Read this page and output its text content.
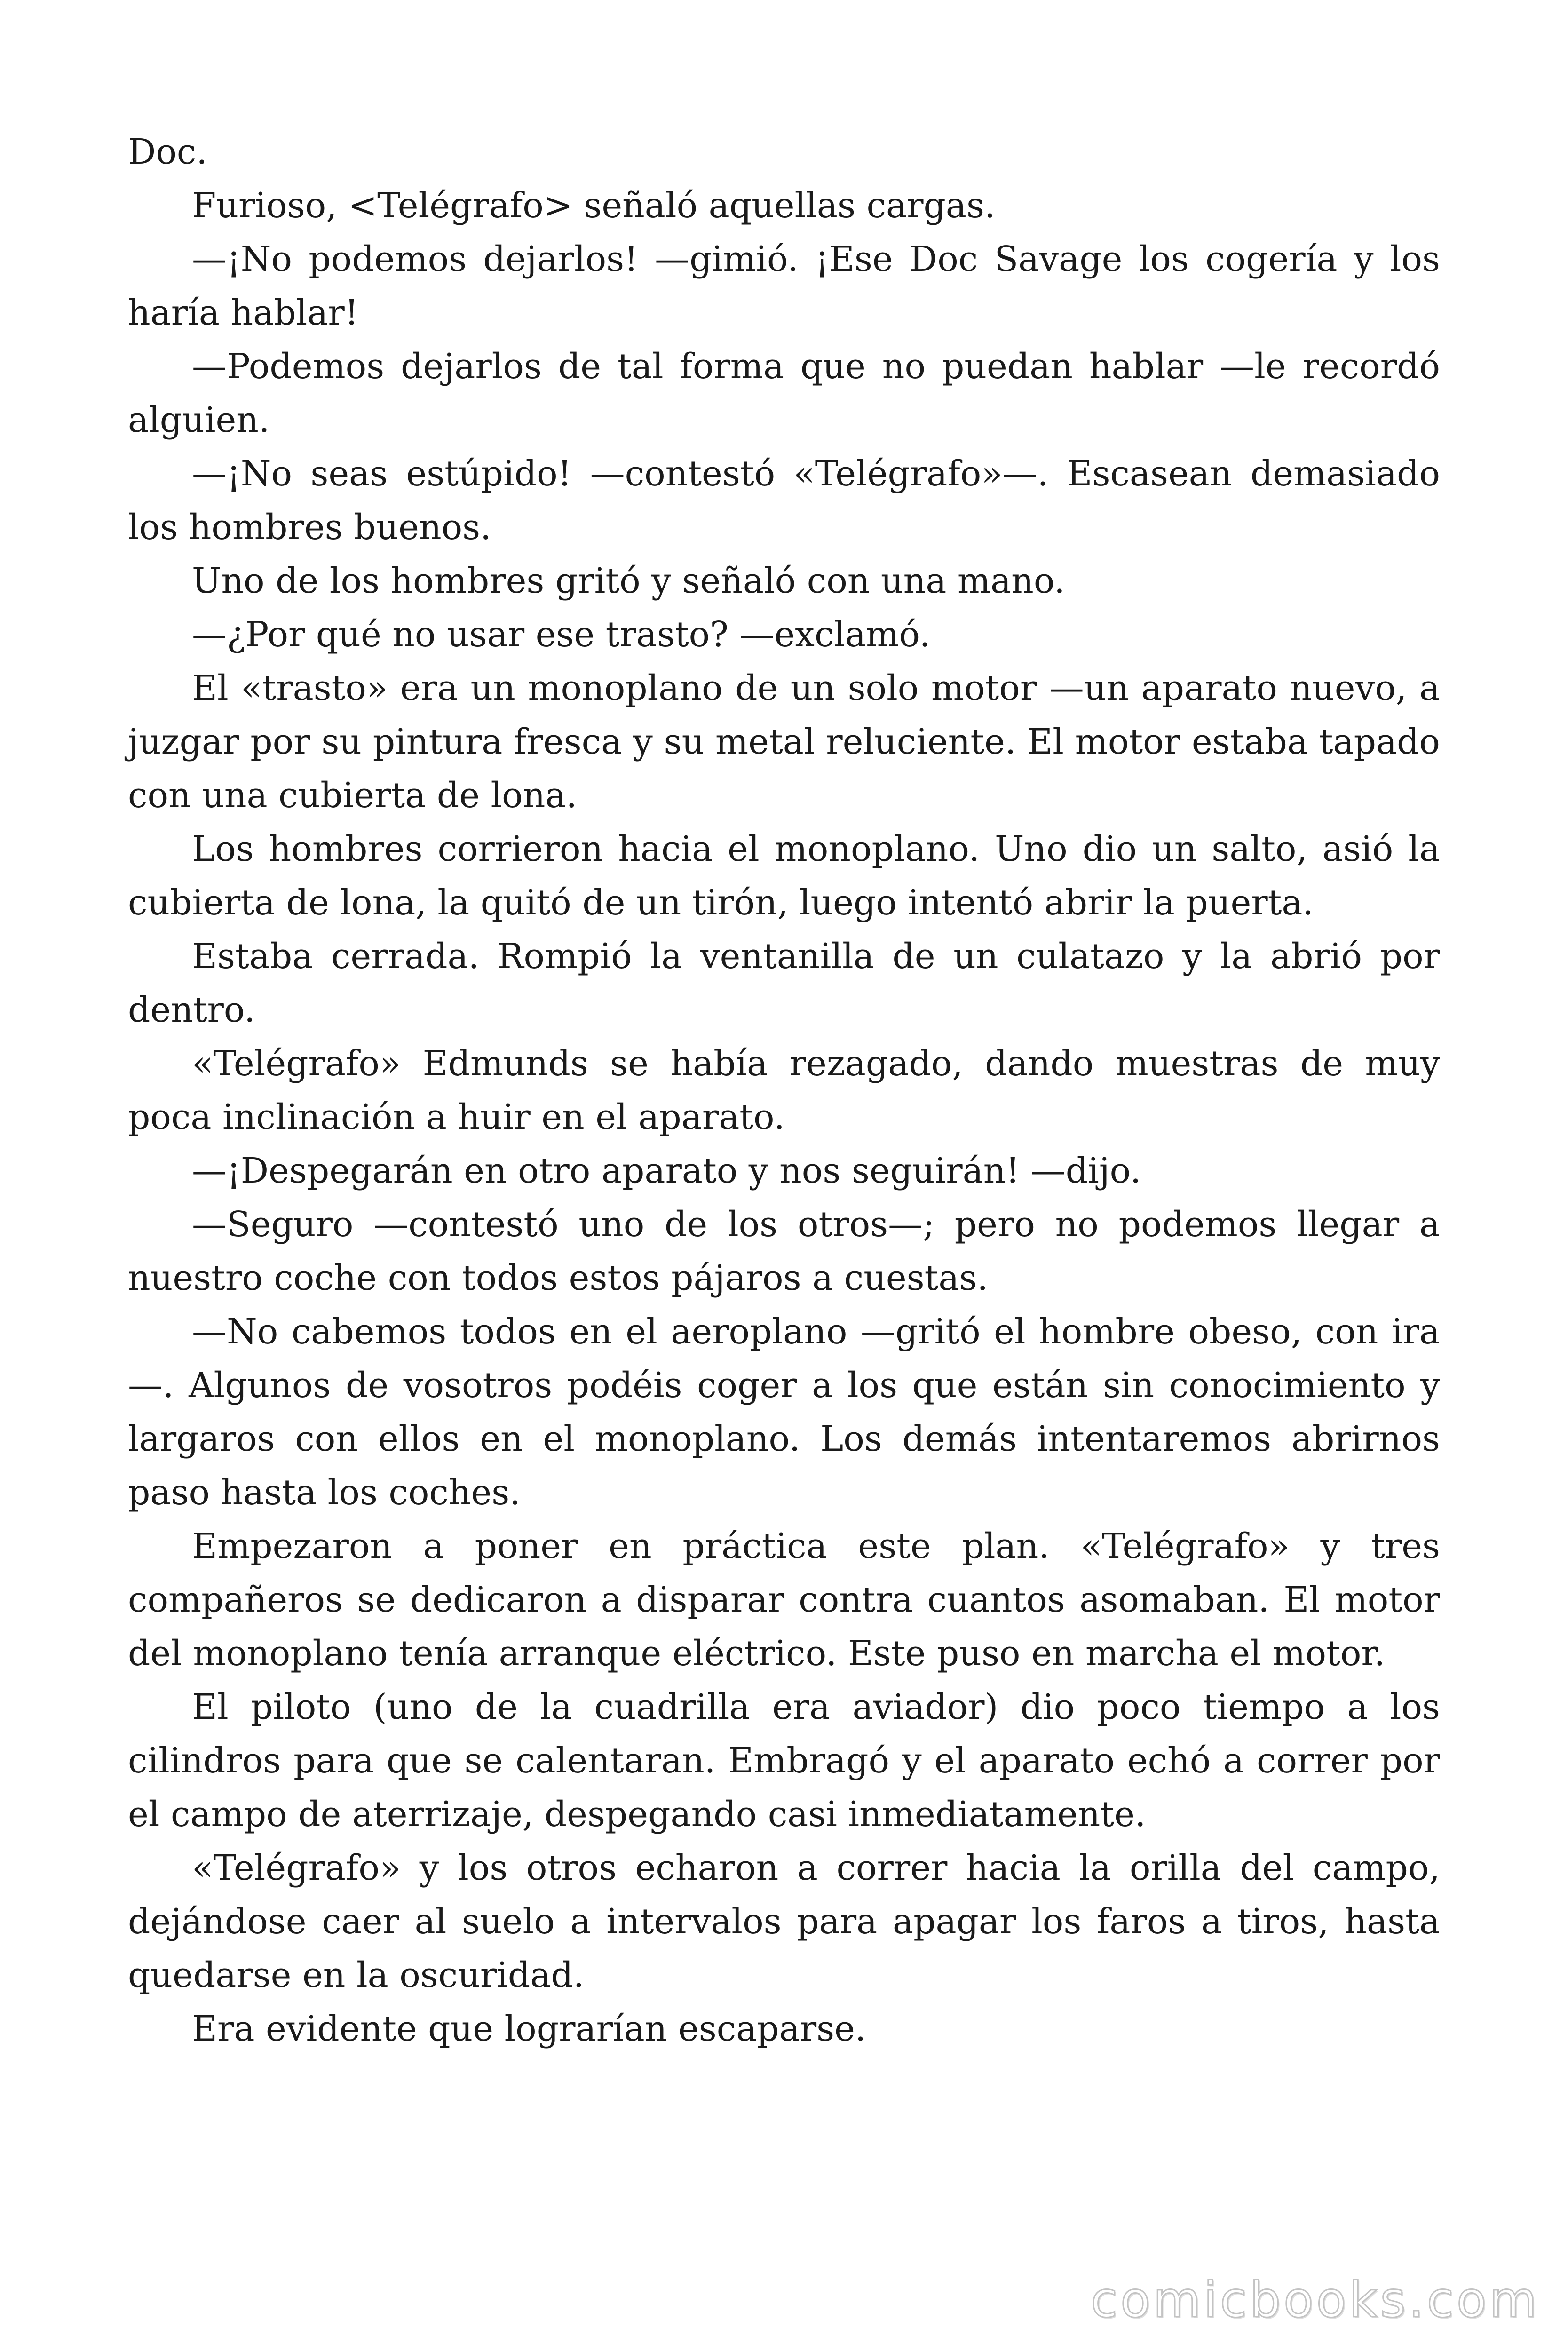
Doc.

Furioso, <Telégrafo> señaló aquellas cargas.

—¡No podemos dejarlos! —gimió. ¡Ese Doc Savage los cogería y los haría hablar!

—Podemos dejarlos de tal forma que no puedan hablar —le recordó alguien.

—¡No seas estúpido! —contestó «Telégrafo»—. Escasean demasiado los hombres buenos.

Uno de los hombres gritó y señaló con una mano.

—¿Por qué no usar ese trasto? —exclamó.

El «trasto» era un monoplano de un solo motor —un aparato nuevo, a juzgar por su pintura fresca y su metal reluciente. El motor estaba tapado con una cubierta de lona.

Los hombres corrieron hacia el monoplano. Uno dio un salto, asió la cubierta de lona, la quitó de un tirón, luego intentó abrir la puerta.

Estaba cerrada. Rompió la ventanilla de un culatazo y la abrió por dentro.

«Telégrafo» Edmunds se había rezagado, dando muestras de muy poca inclinación a huir en el aparato.

—¡Despegarán en otro aparato y nos seguirán! —dijo.

—Seguro —contestó uno de los otros—; pero no podemos llegar a nuestro coche con todos estos pájaros a cuestas.

—No cabemos todos en el aeroplano —gritó el hombre obeso, con ira—. Algunos de vosotros podéis coger a los que están sin conocimiento y largaros con ellos en el monoplano. Los demás intentaremos abrirnos paso hasta los coches.

Empezaron a poner en práctica este plan. «Telégrafo» y tres compañeros se dedicaron a disparar contra cuantos asomaban. El motor del monoplano tenía arranque eléctrico. Este puso en marcha el motor.

El piloto (uno de la cuadrilla era aviador) dio poco tiempo a los cilindros para que se calentaran. Embragó y el aparato echó a correr por el campo de aterrizaje, despegando casi inmediatamente.

«Telégrafo» y los otros echaron a correr hacia la orilla del campo, dejándose caer al suelo a intervalos para apagar los faros a tiros, hasta quedarse en la oscuridad.

Era evidente que lograrían escaparse.

comicbooks.com
